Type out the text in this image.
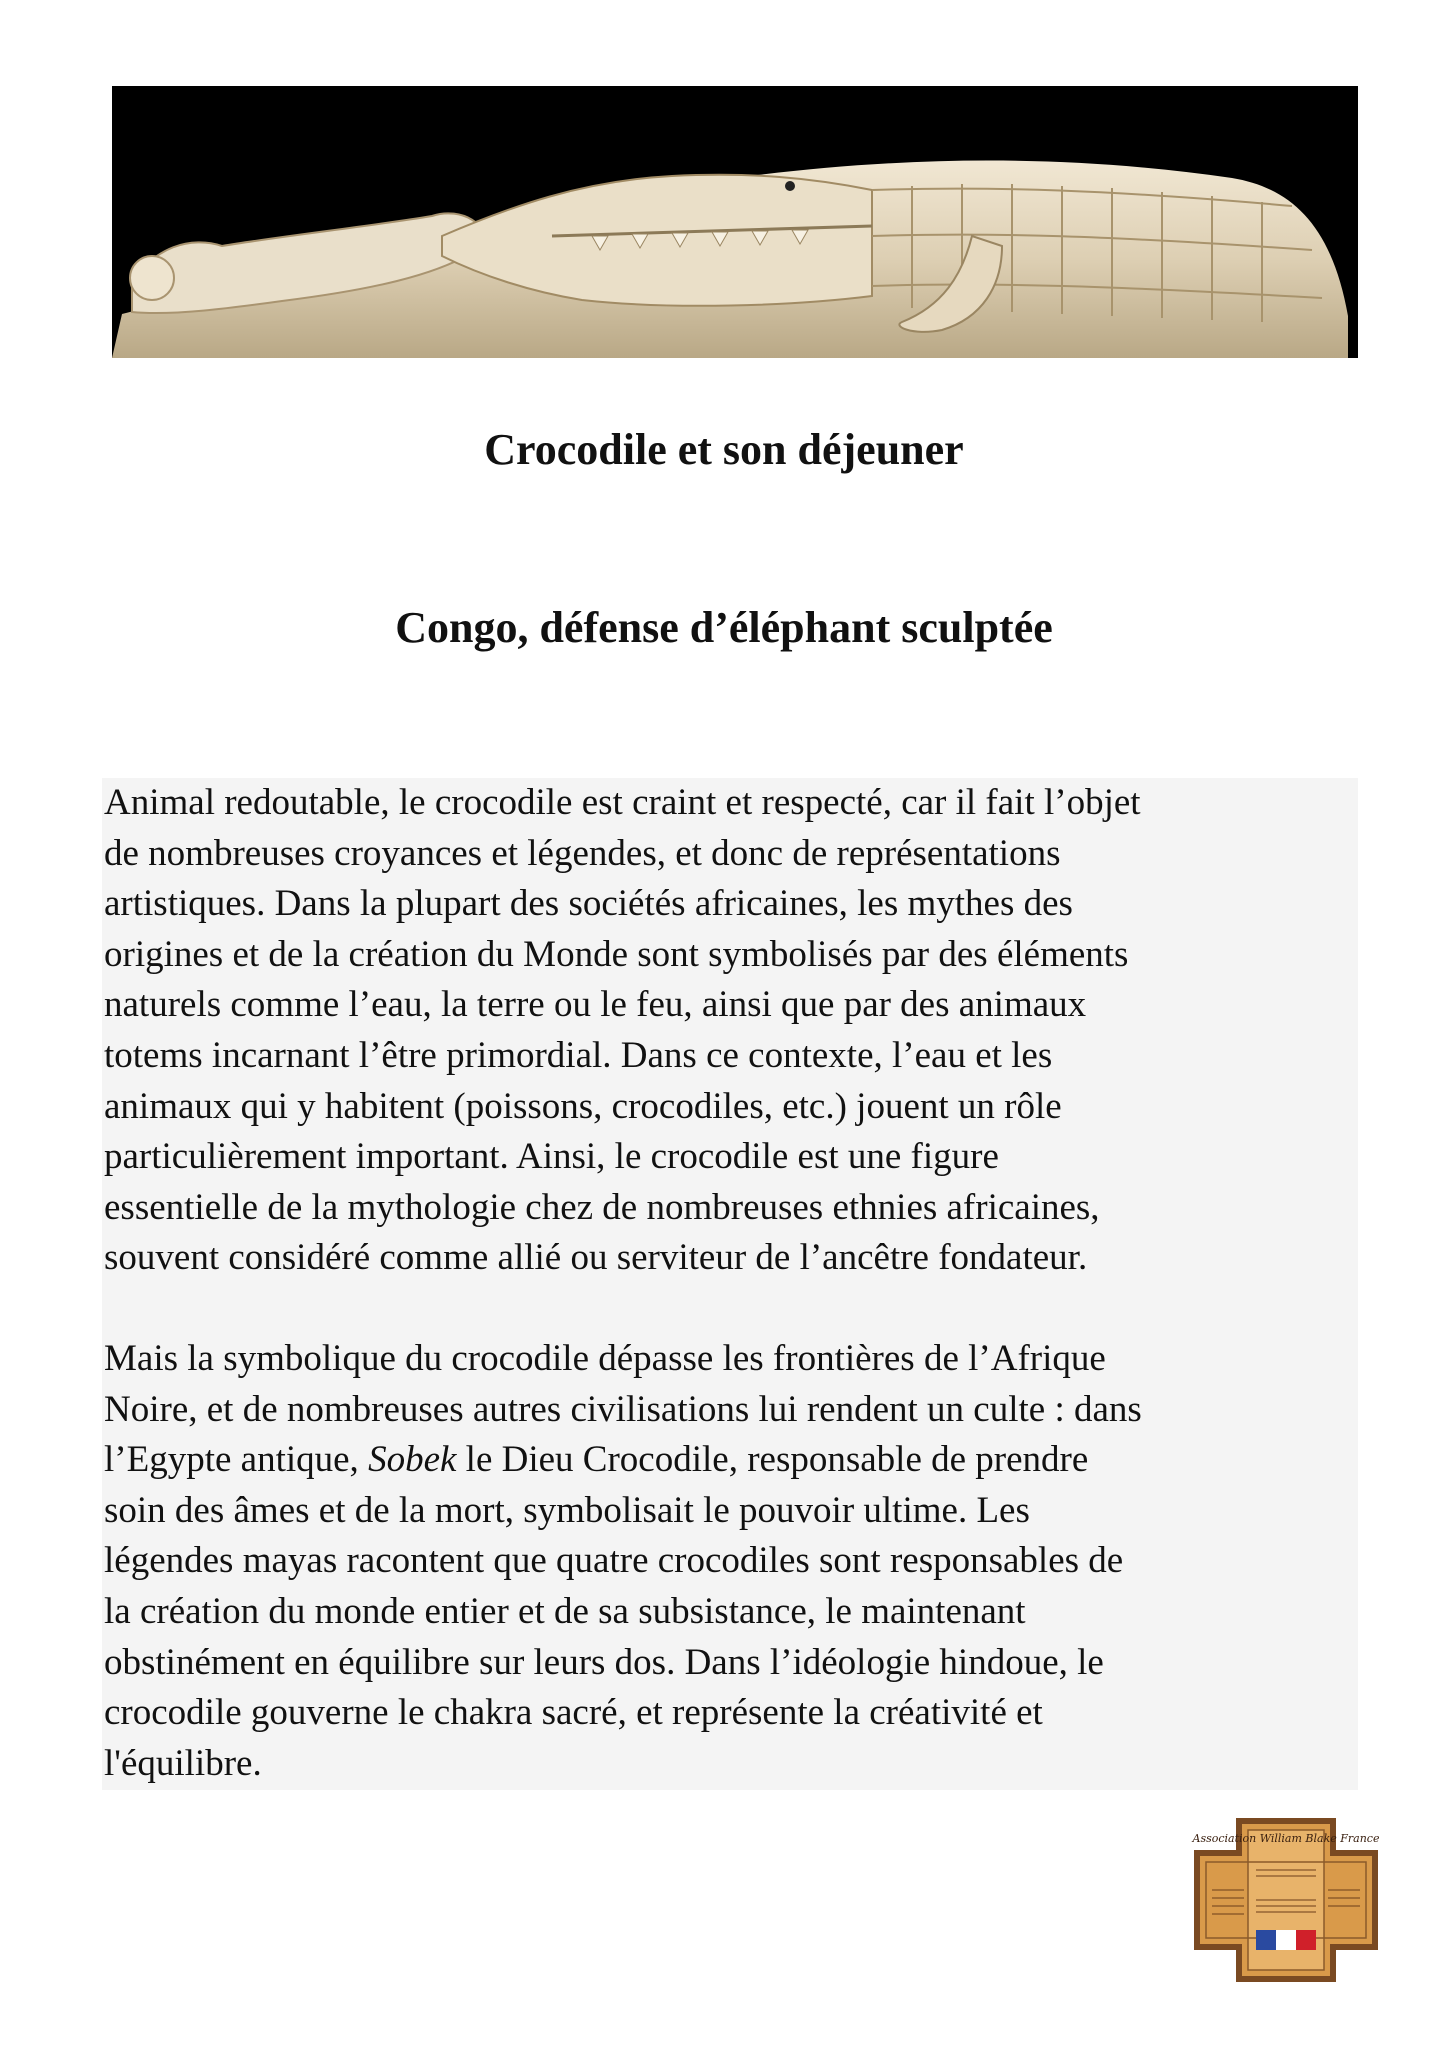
Crocodile et son déjeuner
Congo, défense d’éléphant sculptée

Animal redoutable, le crocodile est craint et respecté, car il fait l’objet
de nombreuses croyances et légendes, et donc de représentations
artistiques. Dans la plupart des sociétés africaines, les mythes des
origines et de la création du Monde sont symbolisés par des éléments
naturels comme l’eau, la terre ou le feu, ainsi que par des animaux
totems incarnant l’être primordial. Dans ce contexte, l’eau et les
animaux qui y habitent (poissons, crocodiles, etc.) jouent un rôle
particulièrement important. Ainsi, le crocodile est une figure
essentielle de la mythologie chez de nombreuses ethnies africaines,
souvent considéré comme allié ou serviteur de l’ancêtre fondateur.

Mais la symbolique du crocodile dépasse les frontières de l’Afrique
Noire, et de nombreuses autres civilisations lui rendent un culte : dans
l’Egypte antique, Sobek le Dieu Crocodile, responsable de prendre
soin des âmes et de la mort, symbolisait le pouvoir ultime. Les
légendes mayas racontent que quatre crocodiles sont responsables de
la création du monde entier et de sa subsistance, le maintenant
obstinément en équilibre sur leurs dos. Dans l’idéologie hindoue, le
crocodile gouverne le chakra sacré, et représente la créativité et
l'équilibre.

Association William Blake France
